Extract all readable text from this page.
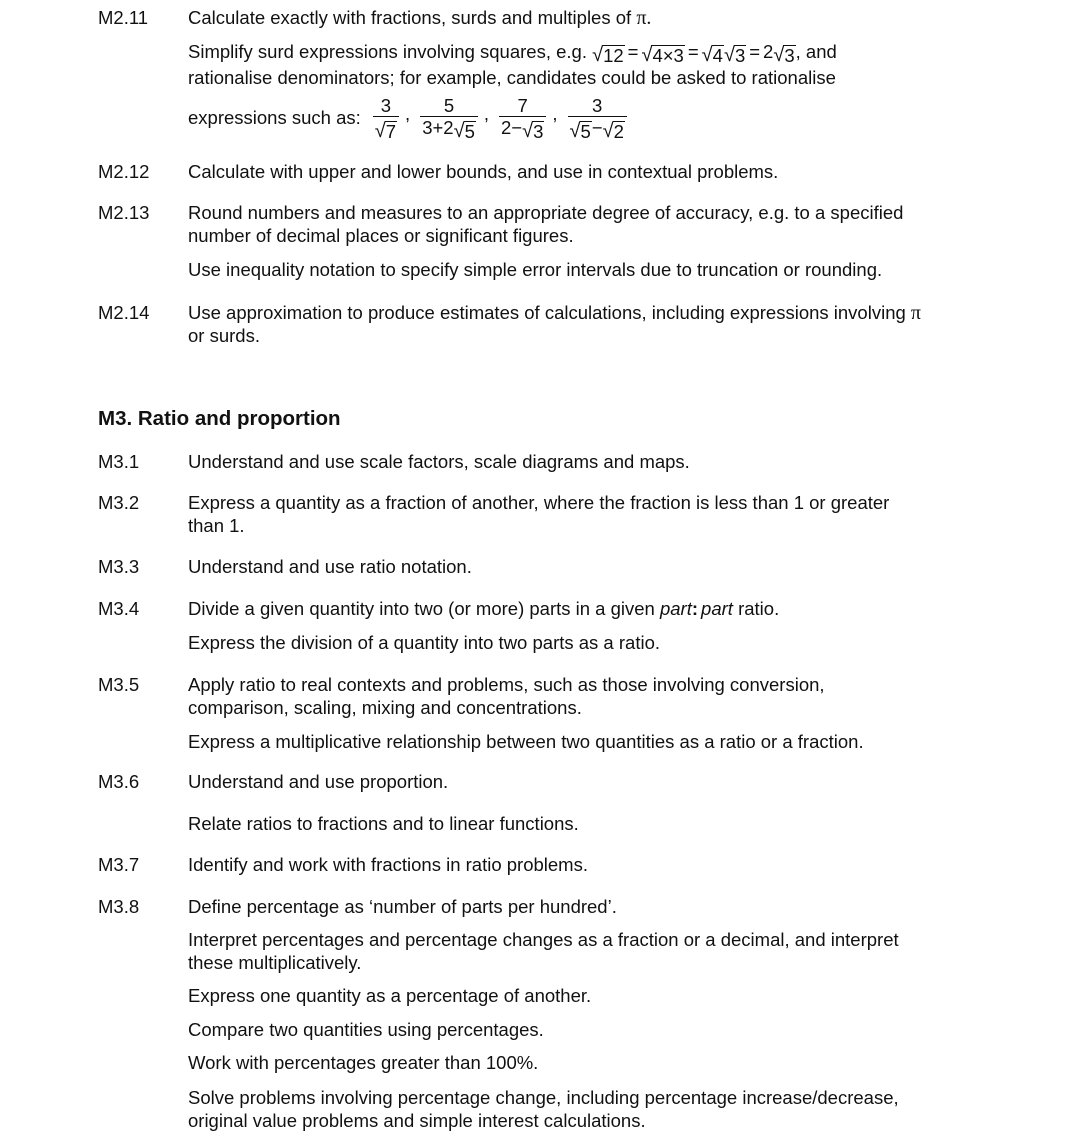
M2.11 Calculate exactly with fractions, surds and multiples of π.
Simplify surd expressions involving squares, e.g. √ 12 = √ 4×3 = √ 4 √ 3 = 2 √ 3 , and
rationalise denominators; for example, candidates could be asked to rationalise
expressions such as: $\frac{3}{√ 7}$ , $\frac{5}{3+2 √ 5}$ , $\frac{7}{2- √ 3}$ , $\frac{3}{√ 5 - √ 2}$
M2.12 Calculate with upper and lower bounds, and use in contextual problems.
M2.13 Round numbers and measures to an appropriate degree of accuracy, e.g. to a specified
number of decimal places or significant figures.
Use inequality notation to specify simple error intervals due to truncation or rounding.
M2.14 Use approximation to produce estimates of calculations, including expressions involving π
or surds.
M3. Ratio and proportion
M3.1	Understand and use scale factors, scale diagrams and maps.
M3.2	Express a quantity as a fraction of another, where the fraction is less than 1 or greater
than 1.
M3.3	Understand and use ratio notation.
M3.4	Divide a given quantity into two (or more) parts in a given part: part ratio.
Express the division of a quantity into two parts as a ratio.
M3.5	Apply ratio to real contexts and problems, such as those involving conversion,
comparison, scaling, mixing and concentrations.
Express a multiplicative relationship between two quantities as a ratio or a fraction.
M3.6	Understand and use proportion.
Relate ratios to fractions and to linear functions.
M3.7	Identify and work with fractions in ratio problems.
M3.8	Define percentage as ‘number of parts per hundred’.
Interpret percentages and percentage changes as a fraction or a decimal, and interpret
these multiplicatively.
Express one quantity as a percentage of another.
Compare two quantities using percentages.
Work with percentages greater than 100%.
Solve problems involving percentage change, including percentage increase/decrease,
original value problems and simple interest calculations.
